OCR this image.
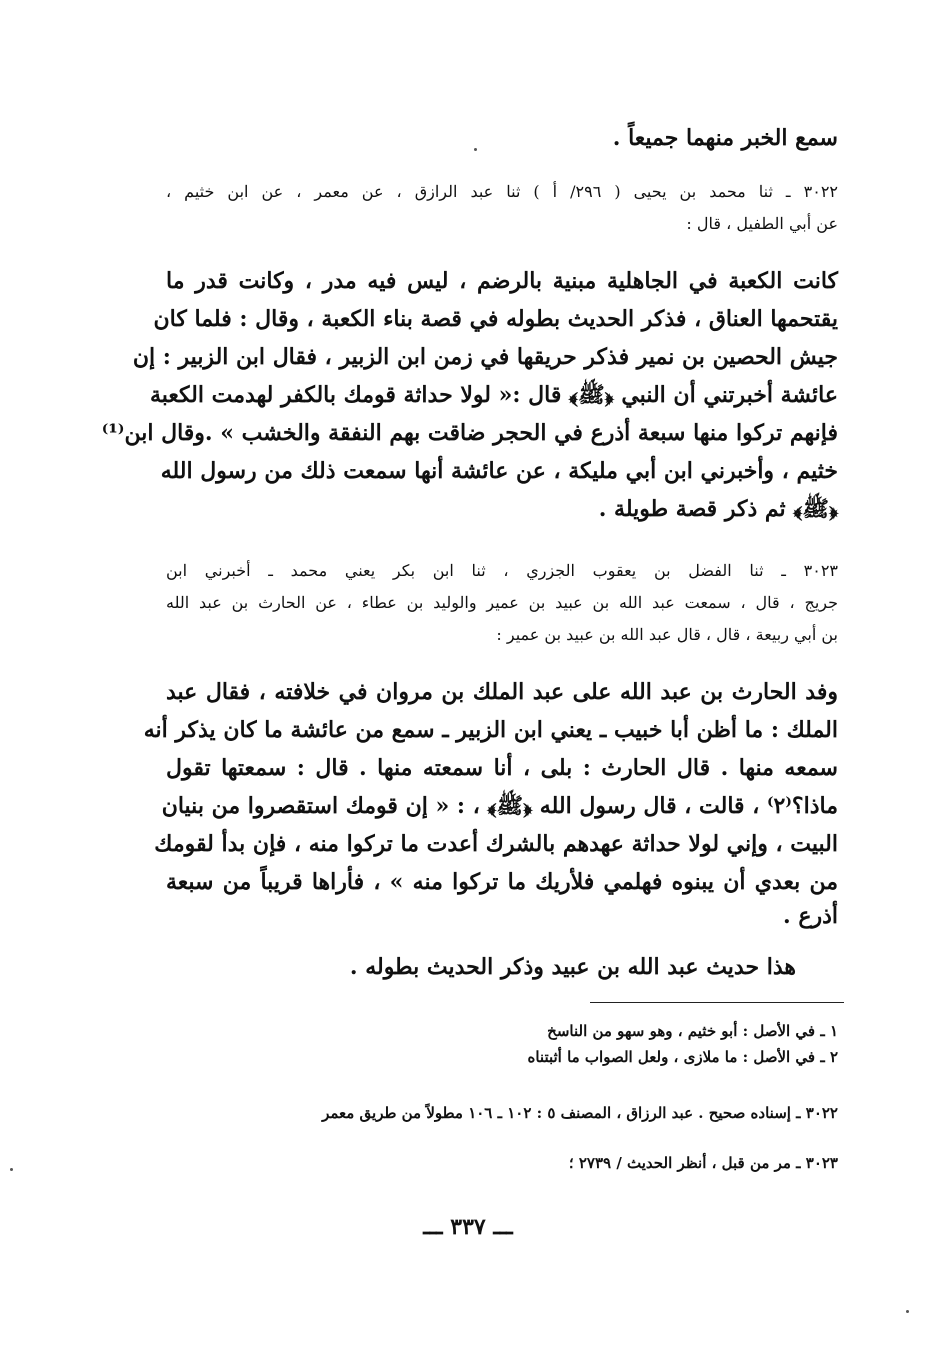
سمع الخبر منهما جميعاً .
٣٠٢٢ ـ ثنا محمد بن يحيى ( ٢٩٦/ أ ) ثنا عبد الرازق ، عن معمر ، عن ابن خثيم ،
عن أبي الطفيل ، قال :
كانت الكعبة في الجاهلية مبنية بالرضم ، ليس فيه مدر ، وكانت قدر ما
يقتحمها العناق ، فذكر الحديث بطوله في قصة بناء الكعبة ، وقال : فلما كان
جيش الحصين بن نمير فذكر حريقها في زمن ابن الزبير ، فقال ابن الزبير : إن
عائشة أخبرتني أن النبي ﴿ﷺ﴾ قال :« لولا حداثة قومك بالكفر لهدمت الكعبة
فإنهم تركوا منها سبعة أذرع في الحجر ضاقت بهم النفقة والخشب » .وقال ابن⁽¹⁾
خثيم ، وأخبرني ابن أبي مليكة ، عن عائشة أنها سمعت ذلك من رسول الله
﴿ﷺ﴾ ثم ذكر قصة طويلة .
٣٠٢٣ ـ ثنا الفضل بن يعقوب الجزري ، ثنا ابن بكر يعني محمد ـ أخبرني ابن
جريج ، قال ، سمعت عبد الله بن عبيد بن عمير والوليد بن عطاء ، عن الحارث بن عبد الله
بن أبي ربيعة ، قال ، قال عبد الله بن عبيد بن عمير :
وفد الحارث بن عبد الله على عبد الملك بن مروان في خلافته ، فقال عبد
الملك : ما أظن أبا خبيب ـ يعني ابن الزبير ـ سمع من عائشة ما كان يذكر أنه
سمعه منها . قال الحارث : بلى ، أنا سمعته منها . قال : سمعتها تقول
ماذا؟⁽٢⁾ ، قالت ، قال رسول الله ﴿ﷺ﴾ ، : « إن قومك استقصروا من بنيان
البيت ، وإني لولا حداثة عهدهم بالشرك أعدت ما تركوا منه ، فإن بدأ لقومك
من بعدي أن يبنوه فهلمي فلأريك ما تركوا منه » ، فأراها قريباً من سبعة
أذرع .
هذا حديث عبد الله بن عبيد وذكر الحديث بطوله .
١ ـ في الأصل : أبو خثيم ، وهو سهو من الناسخ
٢ ـ في الأصل : ما ملازى ، ولعل الصواب ما أثبتناه
٣٠٢٢ ـ إسناده صحيح . عبد الرزاق ، المصنف ٥ : ١٠٢ ـ ١٠٦ مطولاً من طريق معمر
٣٠٢٣ ـ مر من قبل ، أنظر الحديث / ٢٧٣٩ ؛
ـــ ٣٣٧ ـــ
